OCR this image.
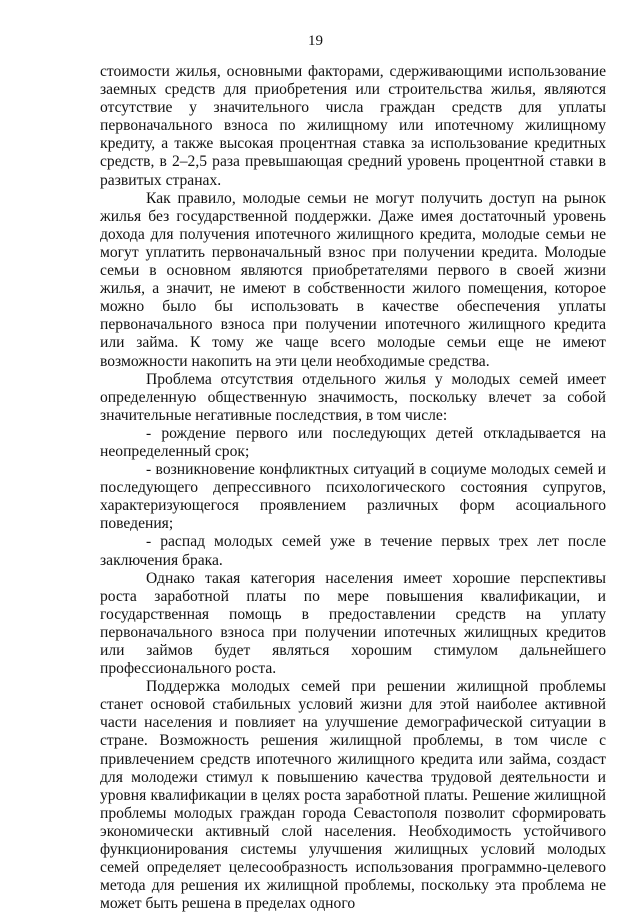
19

стоимости жилья, основными факторами, сдерживающими использование заемных средств для приобретения или строительства жилья, являются отсутствие у значительного числа граждан средств для уплаты первоначального взноса по жилищному или ипотечному жилищному кредиту, а также высокая процентная ставка за использование кредитных средств, в 2–2,5 раза превышающая средний уровень процентной ставки в развитых странах.

Как правило, молодые семьи не могут получить доступ на рынок жилья без государственной поддержки. Даже имея достаточный уровень дохода для получения ипотечного жилищного кредита, молодые семьи не могут уплатить первоначальный взнос при получении кредита. Молодые семьи в основном являются приобретателями первого в своей жизни жилья, а значит, не имеют в собственности жилого помещения, которое можно было бы использовать в качестве обеспечения уплаты первоначального взноса при получении ипотечного жилищного кредита или займа. К тому же чаще всего молодые семьи еще не имеют возможности накопить на эти цели необходимые средства.

Проблема отсутствия отдельного жилья у молодых семей имеет определенную общественную значимость, поскольку влечет за собой значительные негативные последствия, в том числе:

- рождение первого или последующих детей откладывается на неопределенный срок;

- возникновение конфликтных ситуаций в социуме молодых семей и последующего депрессивного психологического состояния супругов, характеризующегося проявлением различных форм асоциального поведения;

- распад молодых семей уже в течение первых трех лет после заключения брака.

Однако такая категория населения имеет хорошие перспективы роста заработной платы по мере повышения квалификации, и государственная помощь в предоставлении средств на уплату первоначального взноса при получении ипотечных жилищных кредитов или займов будет являться хорошим стимулом дальнейшего профессионального роста.

Поддержка молодых семей при решении жилищной проблемы станет основой стабильных условий жизни для этой наиболее активной части населения и повлияет на улучшение демографической ситуации в стране. Возможность решения жилищной проблемы, в том числе с привлечением средств ипотечного жилищного кредита или займа, создаст для молодежи стимул к повышению качества трудовой деятельности и уровня квалификации в целях роста заработной платы. Решение жилищной проблемы молодых граждан города Севастополя позволит сформировать экономически активный слой населения. Необходимость устойчивого функционирования системы улучшения жилищных условий молодых семей определяет целесообразность использования программно-целевого метода для решения их жилищной проблемы, поскольку эта проблема не может быть решена в пределах одного
